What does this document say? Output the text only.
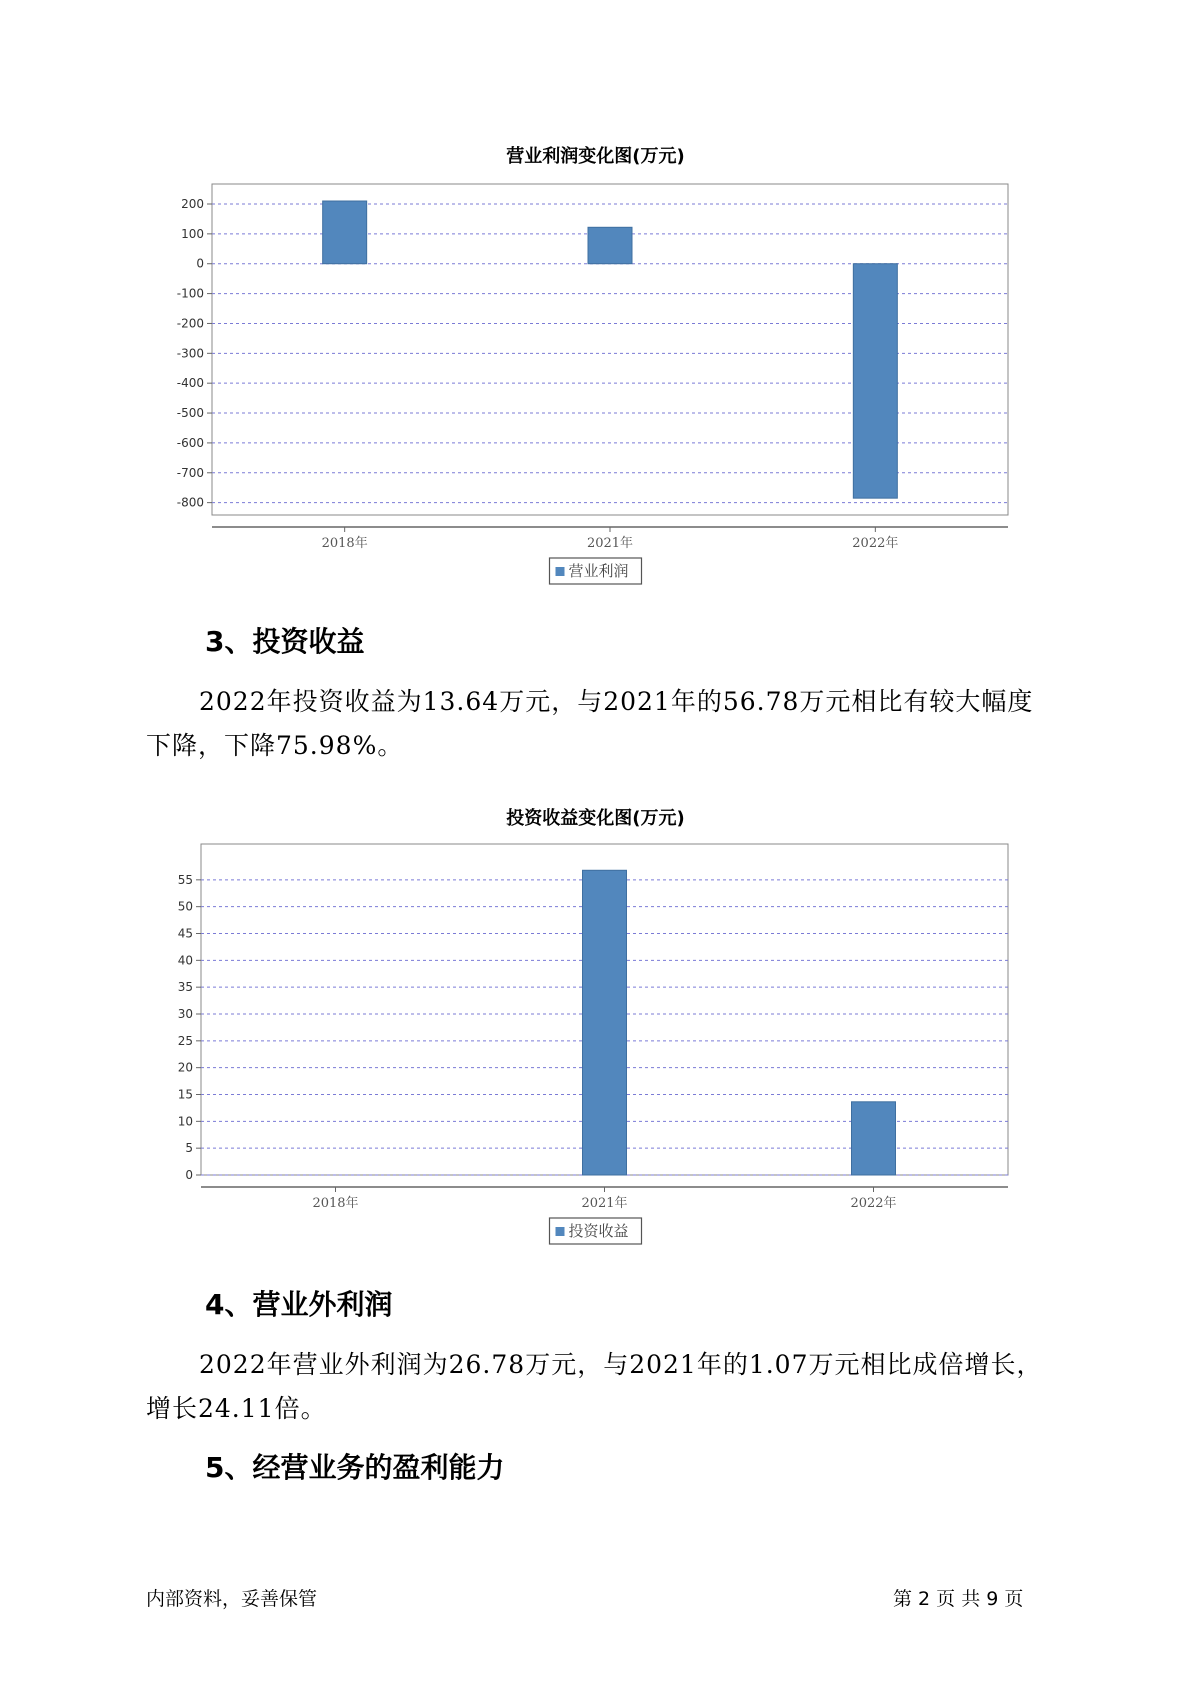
营业利润变化图(万元)
200
100
0
-100
-200
-300
-400
-500
-600
-700
-800
2018年	2021年	2022年
营业利润
3、投资收益
2022年投资收益为13.64万元，与2021年的56.78万元相比有较大幅度
下降，下降75.98%。
投资收益变化图(万元)
55
50
45
40
35
30
25
20
15
10
5
0
2018年	2021年	2022年
投资收益
4、营业外利润
2022年营业外利润为26.78万元，与2021年的1.07万元相比成倍增长，
增长24.11倍。
5、经营业务的盈利能力
内部资料，妥善保管	第 2 页 共 9 页
